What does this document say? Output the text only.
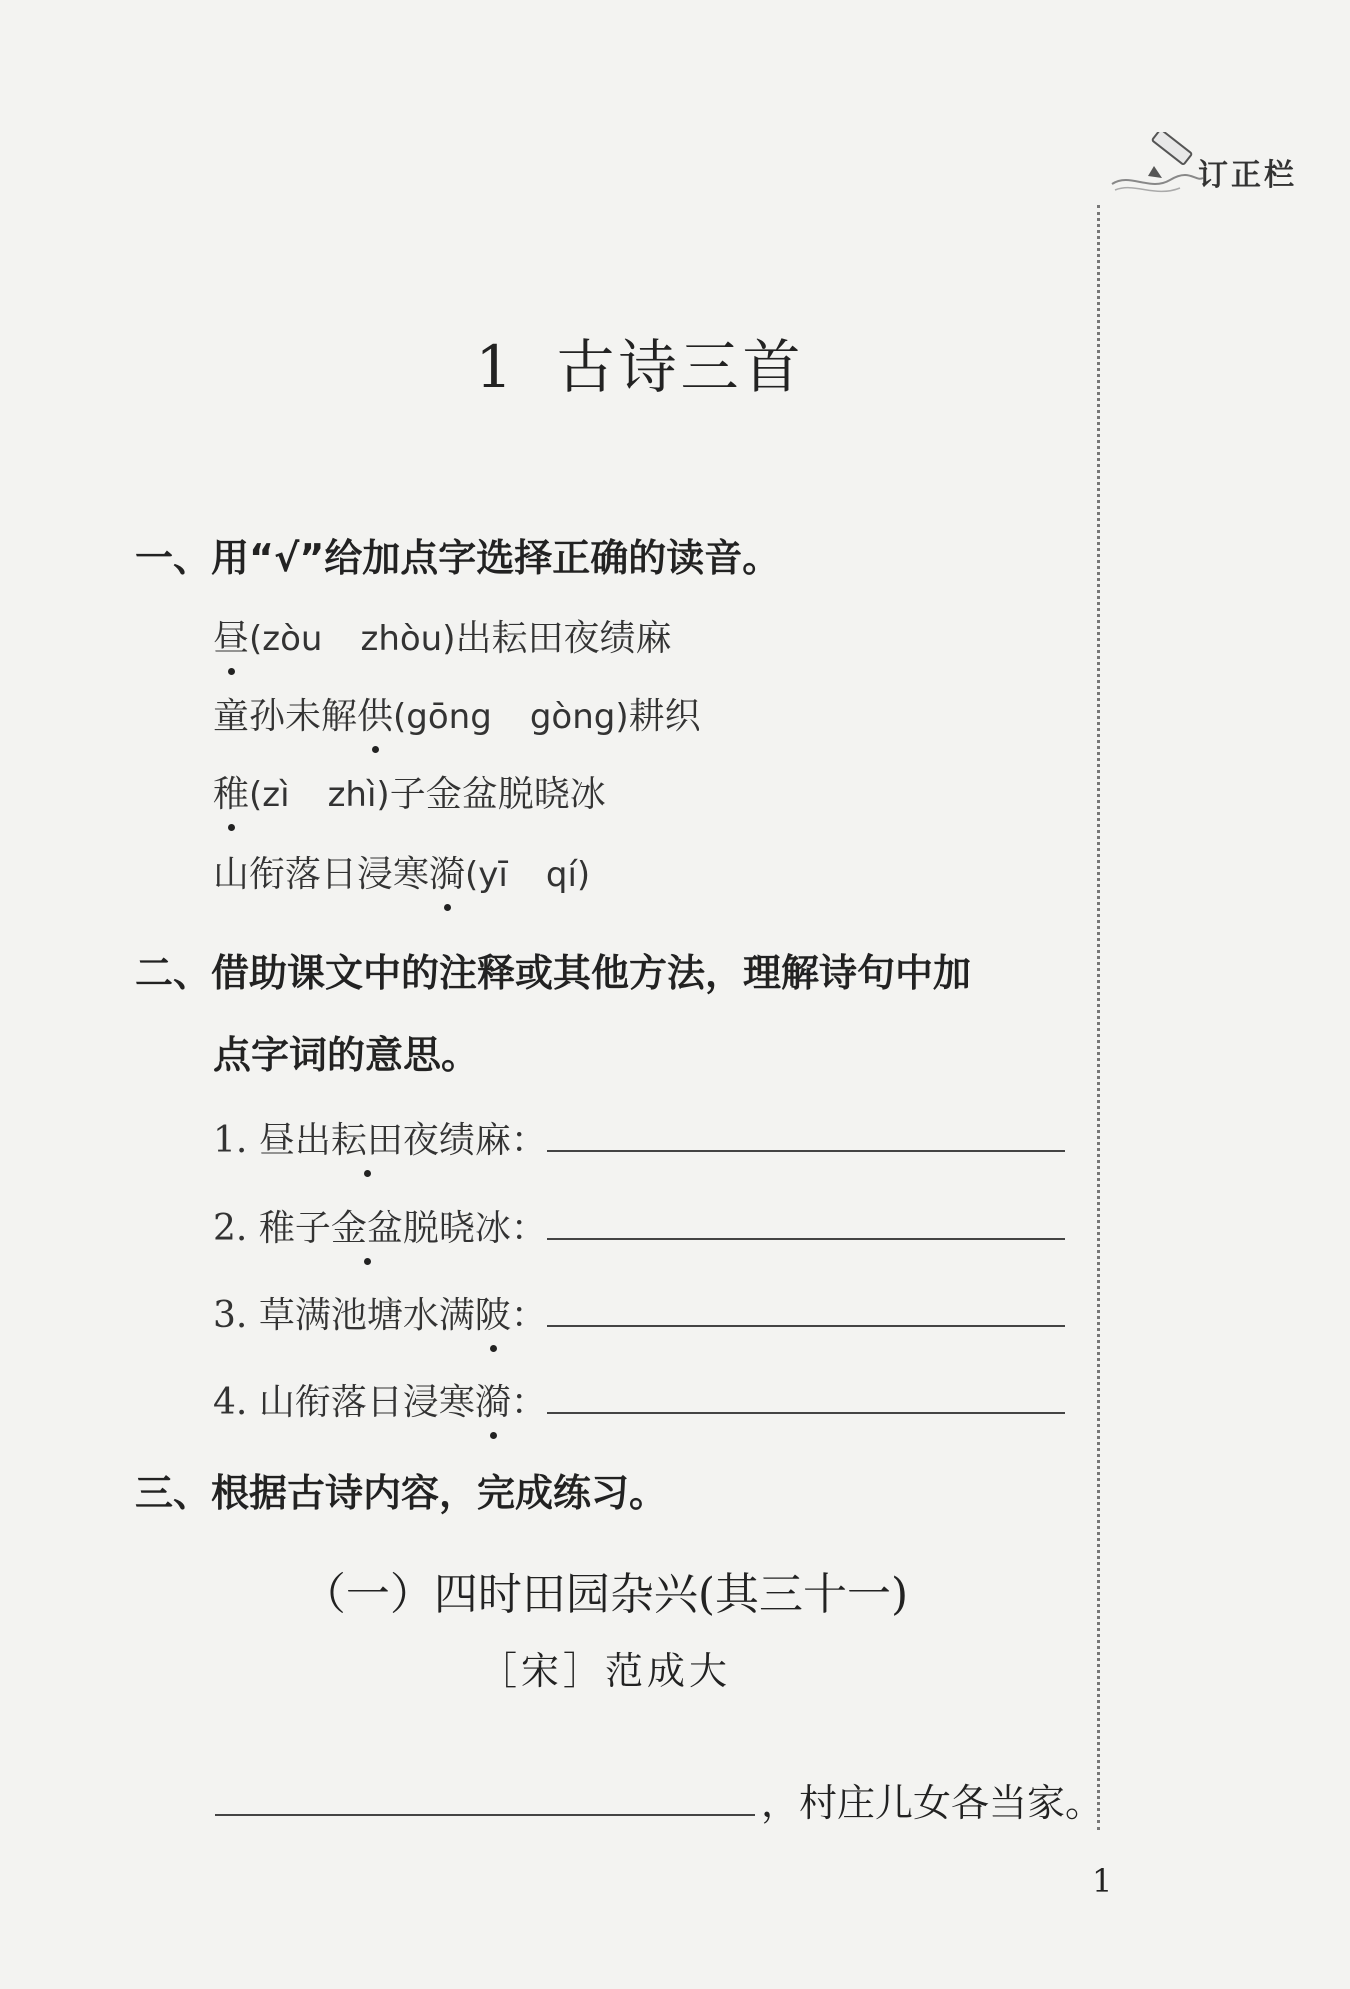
订正栏
1 古诗三首
一、用“√”给加点字选择正确的读音。
昼(zòu zhòu)出耘田夜绩麻
童孙未解供(gōng gòng)耕织
稚(zì zhì)子金盆脱晓冰
山衔落日浸寒漪(yī qí)
二、借助课文中的注释或其他方法，理解诗句中加
点字词的意思。
1. 昼出耘田夜绩麻：
2. 稚子金盆脱晓冰：
3. 草满池塘水满陂：
4. 山衔落日浸寒漪：
三、根据古诗内容，完成练习。
（一）四时田园杂兴(其三十一)
［宋］范成大
，村庄儿女各当家。
1
